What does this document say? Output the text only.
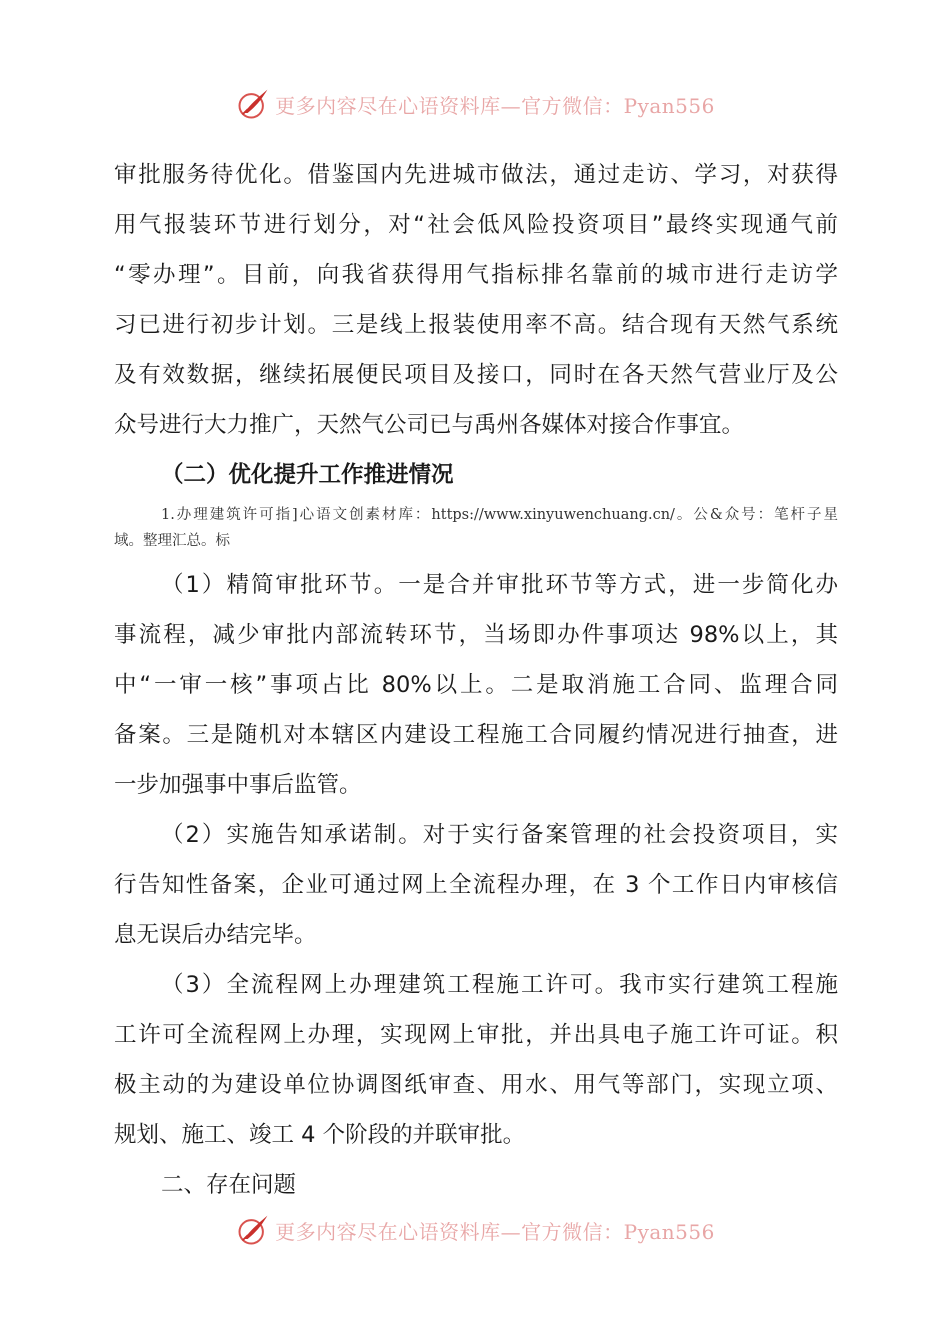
更多内容尽在心语资料库—官方微信：Pyan556
审批服务待优化。借鉴国内先进城市做法，通过走访、学习，对获得
用气报装环节进行划分，对“社会低风险投资项目”最终实现通气前
“零办理”。目前，向我省获得用气指标排名靠前的城市进行走访学
习已进行初步计划。三是线上报装使用率不高。结合现有天然气系统
及有效数据，继续拓展便民项目及接口，同时在各天然气营业厅及公
众号进行大力推广，天然气公司已与禹州各媒体对接合作事宜。
（二）优化提升工作推进情况
1.办理建筑许可指]心语文创素材库：https://www.xinyuwenchuang.cn/。公&众号：笔杆子星
域。整理汇总。标
（1）精简审批环节。一是合并审批环节等方式，进一步简化办
事流程，减少审批内部流转环节，当场即办件事项达 98%以上，其
中“一审一核”事项占比 80%以上。二是取消施工合同、监理合同
备案。三是随机对本辖区内建设工程施工合同履约情况进行抽查，进
一步加强事中事后监管。
（2）实施告知承诺制。对于实行备案管理的社会投资项目，实
行告知性备案，企业可通过网上全流程办理，在 3 个工作日内审核信
息无误后办结完毕。
（3）全流程网上办理建筑工程施工许可。我市实行建筑工程施
工许可全流程网上办理，实现网上审批，并出具电子施工许可证。积
极主动的为建设单位协调图纸审查、用水、用气等部门，实现立项、
规划、施工、竣工 4 个阶段的并联审批。
二、存在问题
更多内容尽在心语资料库—官方微信：Pyan556
